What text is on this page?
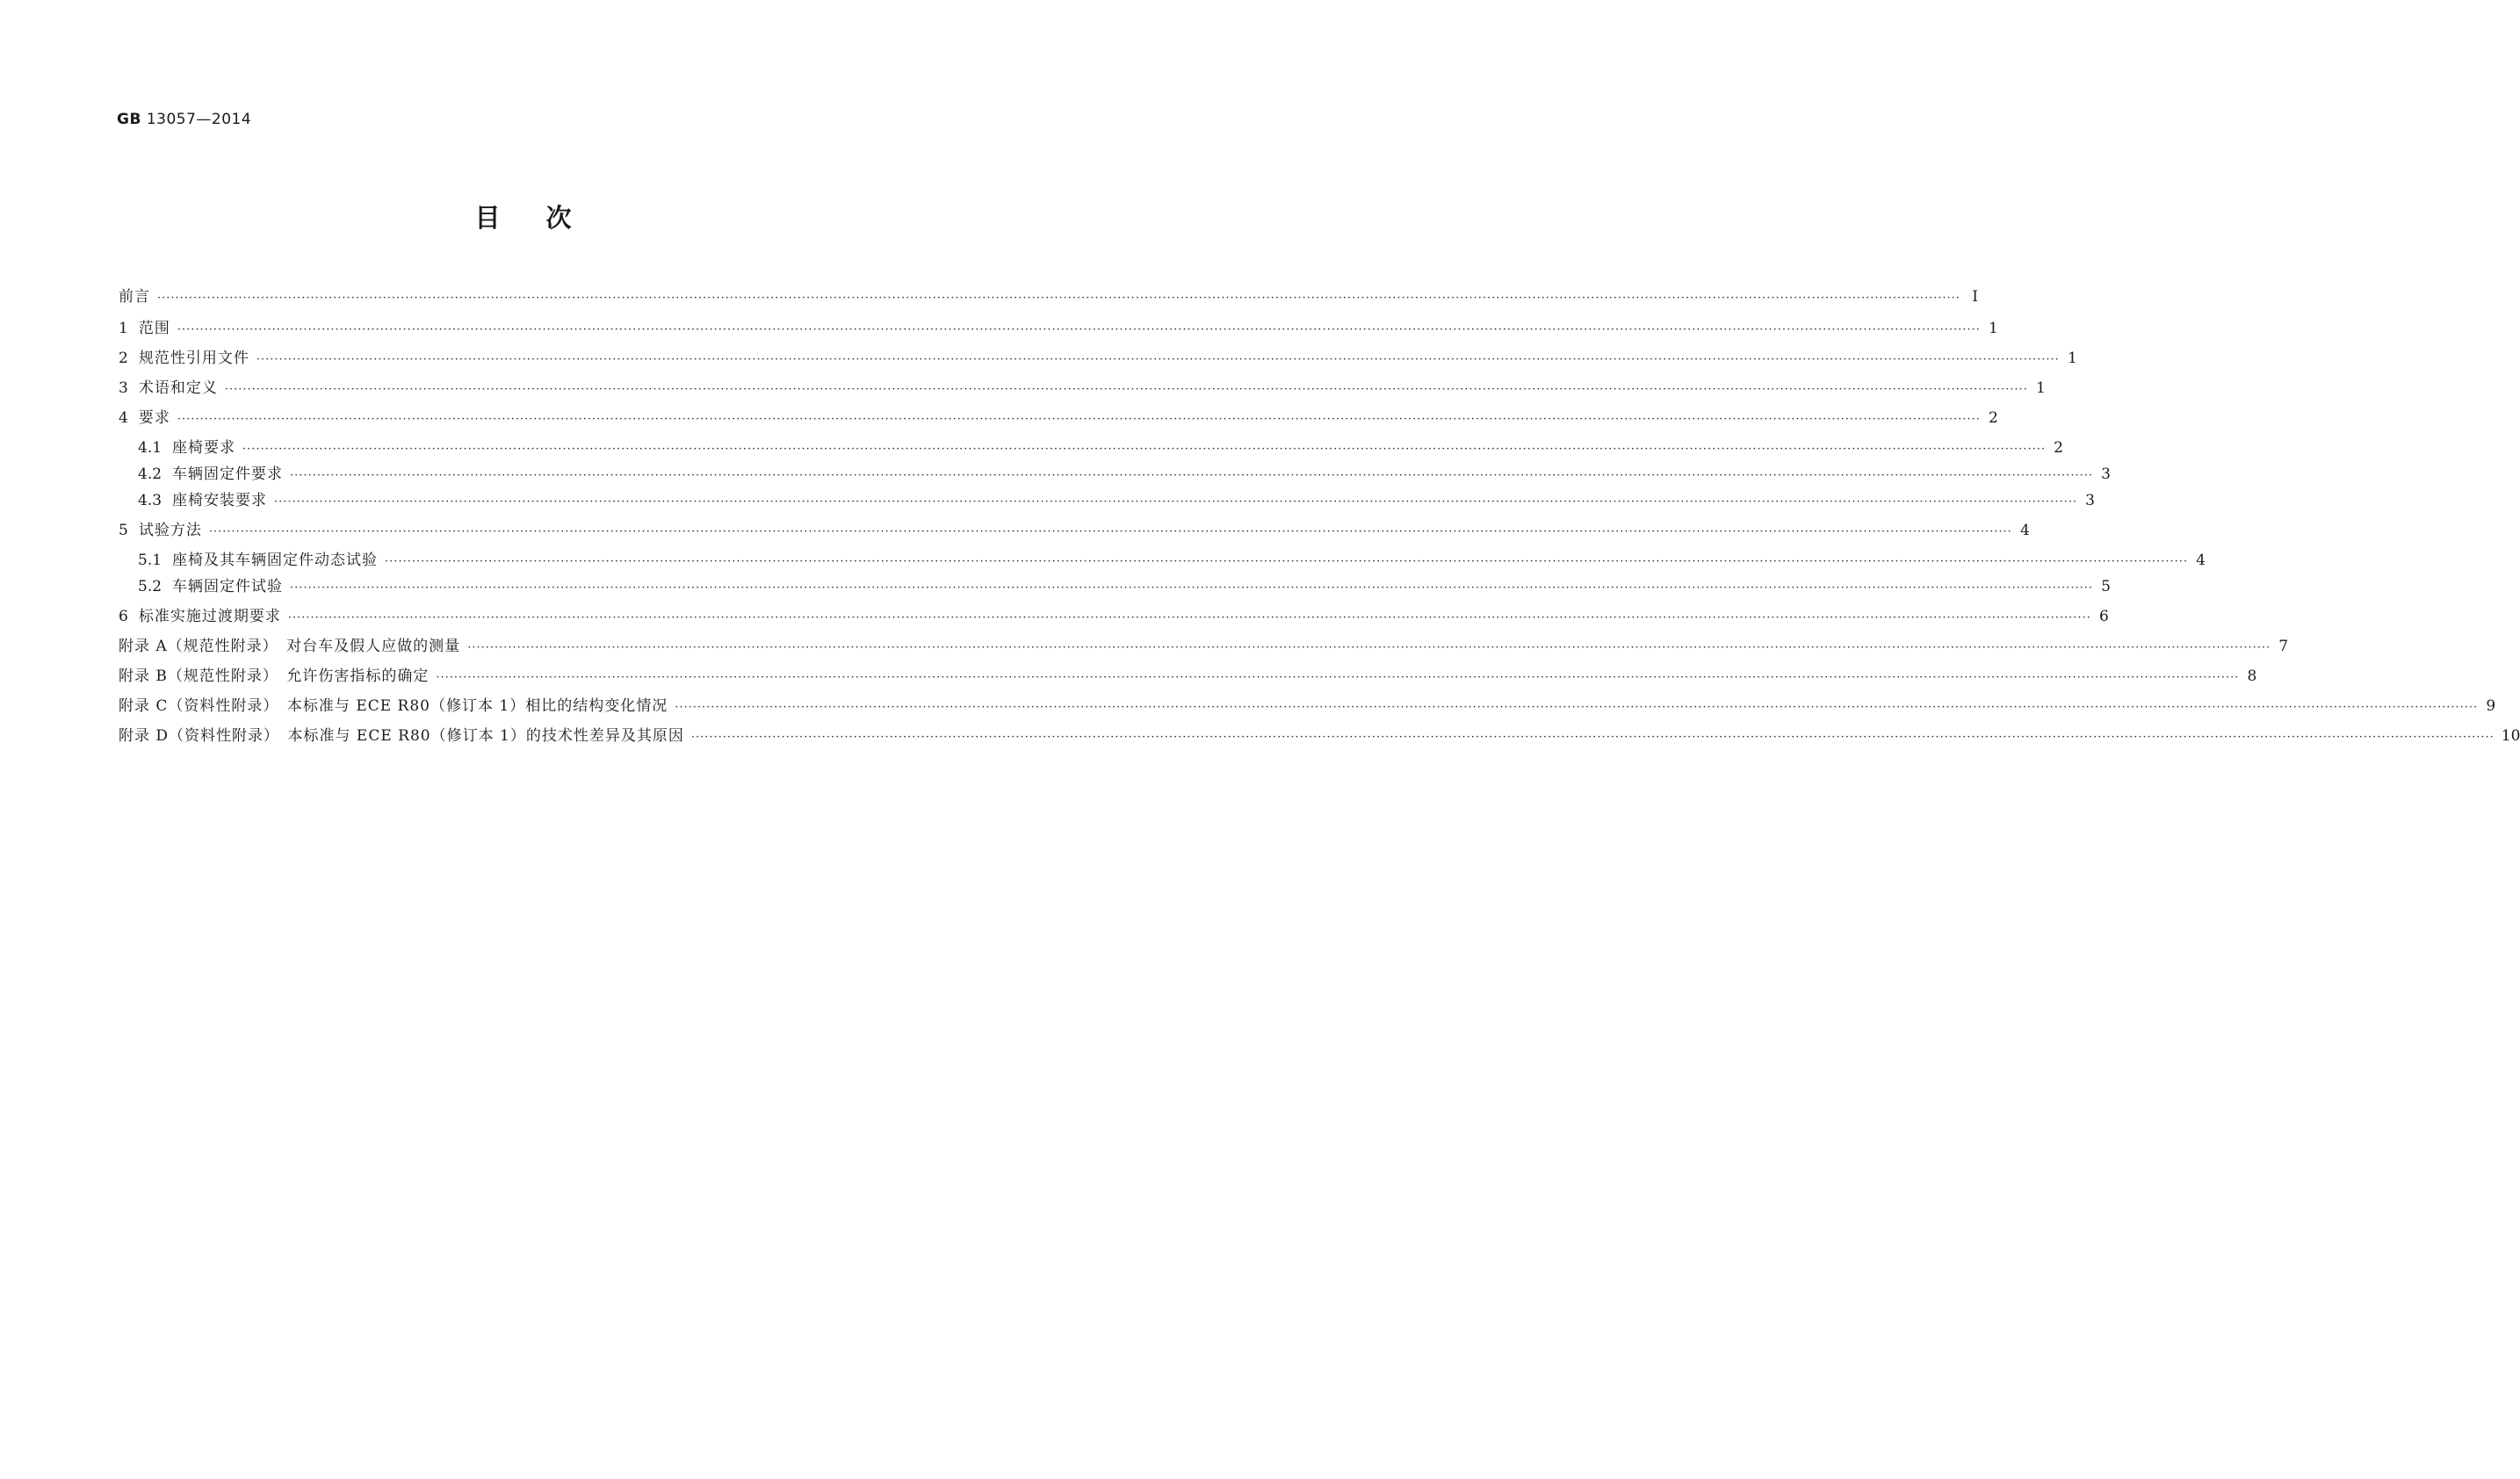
GB 13057—2014
目次
前言 ················································································································································································································································································································································································································ Ⅰ
1 范围 ················································································································································································································································································································································································································ 1
2 规范性引用文件 ················································································································································································································································································································································································································ 1
3 术语和定义 ················································································································································································································································································································································································································ 1
4 要求 ················································································································································································································································································································································································································ 2
4.1 座椅要求 ················································································································································································································································································································································································································ 2
4.2 车辆固定件要求 ················································································································································································································································································································································································································ 3
4.3 座椅安装要求 ················································································································································································································································································································································································································ 3
5 试验方法 ················································································································································································································································································································································································································ 4
5.1 座椅及其车辆固定件动态试验 ················································································································································································································································································································································································································ 4
5.2 车辆固定件试验 ················································································································································································································································································································································································································ 5
6 标准实施过渡期要求 ················································································································································································································································································································································································································ 6
附录 A（规范性附录）　对台车及假人应做的测量 ················································································································································································································································································································································································································ 7
附录 B（规范性附录）　允许伤害指标的确定 ················································································································································································································································································································································································································ 8
附录 C（资料性附录）　本标准与 ECE R80（修订本 1）相比的结构变化情况 ················································································································································································································································································································································································································ 9
附录 D（资料性附录）　本标准与 ECE R80（修订本 1）的技术性差异及其原因 ················································································································································································································································································································································································································ 10
